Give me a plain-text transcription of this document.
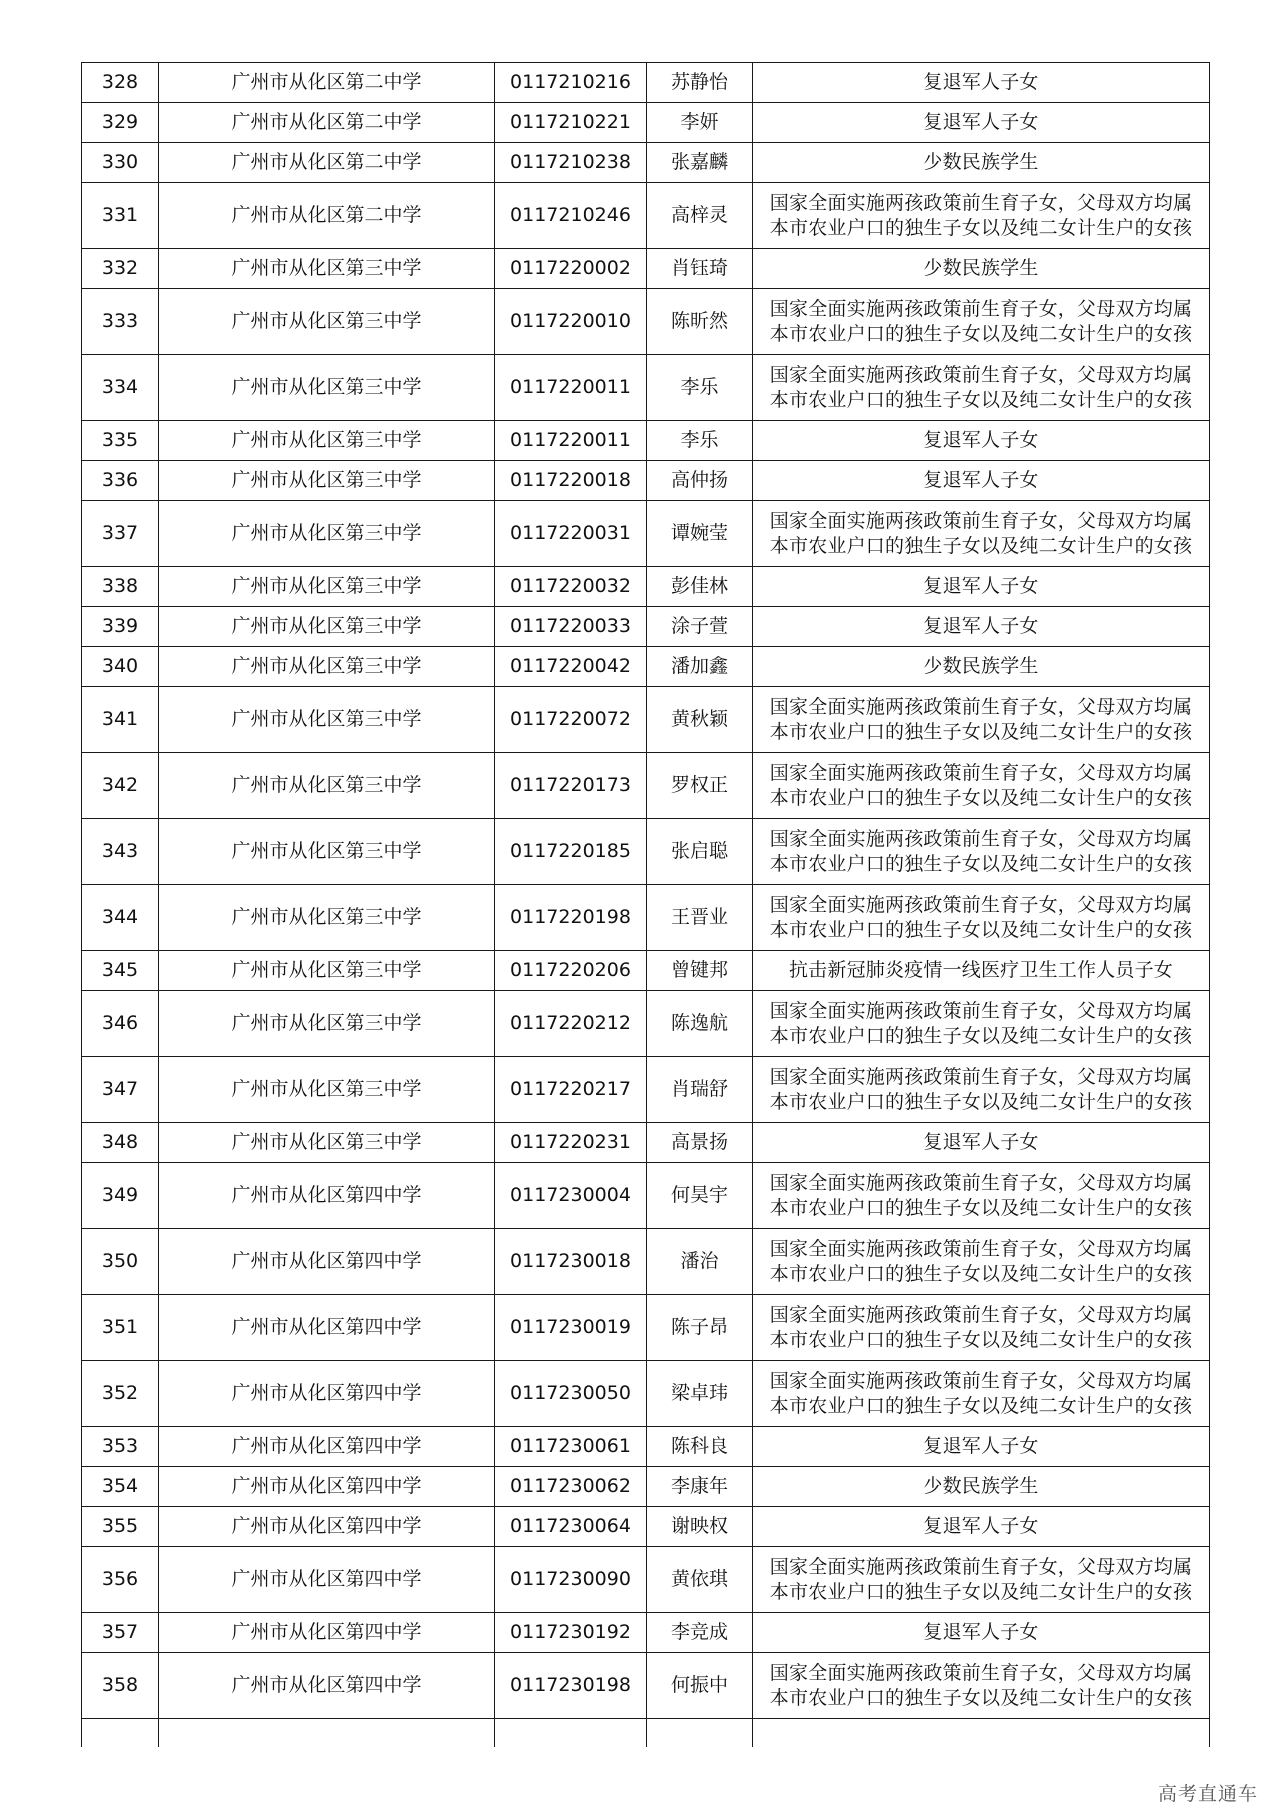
328	广州市从化区第二中学	0117210216	苏静怡	复退军人子女

329	广州市从化区第二中学	0117210221	李妍	复退军人子女

330	广州市从化区第二中学	0117210238	张嘉麟	少数民族学生

331	广州市从化区第二中学	0117210246	高梓灵	国家全面实施两孩政策前生育子女，父母双方均属
本市农业户口的独生子女以及纯二女计生户的女孩

332	广州市从化区第三中学	0117220002	肖钰琦	少数民族学生

333	广州市从化区第三中学	0117220010	陈昕然	国家全面实施两孩政策前生育子女，父母双方均属
本市农业户口的独生子女以及纯二女计生户的女孩

334	广州市从化区第三中学	0117220011	李乐	国家全面实施两孩政策前生育子女，父母双方均属
本市农业户口的独生子女以及纯二女计生户的女孩

335	广州市从化区第三中学	0117220011	李乐	复退军人子女

336	广州市从化区第三中学	0117220018	高仲扬	复退军人子女

337	广州市从化区第三中学	0117220031	谭婉莹	国家全面实施两孩政策前生育子女，父母双方均属
本市农业户口的独生子女以及纯二女计生户的女孩

338	广州市从化区第三中学	0117220032	彭佳林	复退军人子女

339	广州市从化区第三中学	0117220033	涂子萱	复退军人子女

340	广州市从化区第三中学	0117220042	潘加鑫	少数民族学生

341	广州市从化区第三中学	0117220072	黄秋颖	国家全面实施两孩政策前生育子女，父母双方均属
本市农业户口的独生子女以及纯二女计生户的女孩

342	广州市从化区第三中学	0117220173	罗权正	国家全面实施两孩政策前生育子女，父母双方均属
本市农业户口的独生子女以及纯二女计生户的女孩

343	广州市从化区第三中学	0117220185	张启聪	国家全面实施两孩政策前生育子女，父母双方均属
本市农业户口的独生子女以及纯二女计生户的女孩

344	广州市从化区第三中学	0117220198	王晋业	国家全面实施两孩政策前生育子女，父母双方均属
本市农业户口的独生子女以及纯二女计生户的女孩

345	广州市从化区第三中学	0117220206	曾键邦	抗击新冠肺炎疫情一线医疗卫生工作人员子女

346	广州市从化区第三中学	0117220212	陈逸航	国家全面实施两孩政策前生育子女，父母双方均属
本市农业户口的独生子女以及纯二女计生户的女孩

347	广州市从化区第三中学	0117220217	肖瑞舒	国家全面实施两孩政策前生育子女，父母双方均属
本市农业户口的独生子女以及纯二女计生户的女孩

348	广州市从化区第三中学	0117220231	高景扬	复退军人子女

349	广州市从化区第四中学	0117230004	何昊宇	国家全面实施两孩政策前生育子女，父母双方均属
本市农业户口的独生子女以及纯二女计生户的女孩

350	广州市从化区第四中学	0117230018	潘治	国家全面实施两孩政策前生育子女，父母双方均属
本市农业户口的独生子女以及纯二女计生户的女孩

351	广州市从化区第四中学	0117230019	陈子昂	国家全面实施两孩政策前生育子女，父母双方均属
本市农业户口的独生子女以及纯二女计生户的女孩

352	广州市从化区第四中学	0117230050	梁卓玮	国家全面实施两孩政策前生育子女，父母双方均属
本市农业户口的独生子女以及纯二女计生户的女孩

353	广州市从化区第四中学	0117230061	陈科良	复退军人子女

354	广州市从化区第四中学	0117230062	李康年	少数民族学生

355	广州市从化区第四中学	0117230064	谢映权	复退军人子女

356	广州市从化区第四中学	0117230090	黄依琪	国家全面实施两孩政策前生育子女，父母双方均属
本市农业户口的独生子女以及纯二女计生户的女孩

357	广州市从化区第四中学	0117230192	李竞成	复退军人子女

358	广州市从化区第四中学	0117230198	何振中	国家全面实施两孩政策前生育子女，父母双方均属
本市农业户口的独生子女以及纯二女计生户的女孩

高考直通车
